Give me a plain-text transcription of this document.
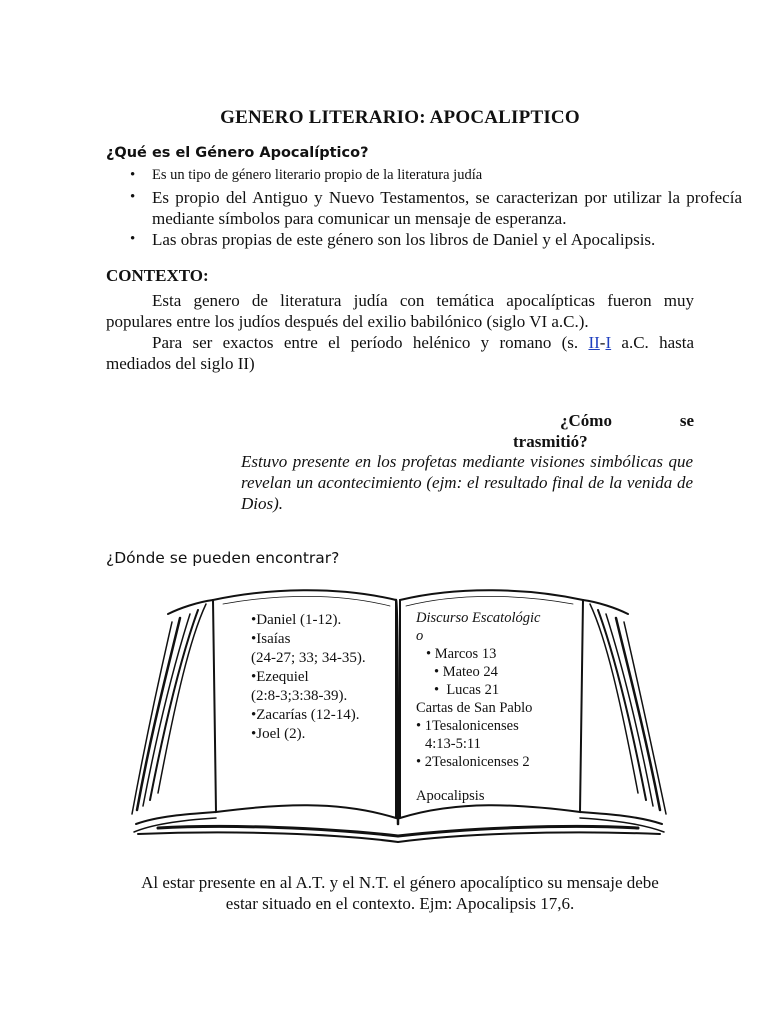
GENERO LITERARIO: APOCALIPTICO
¿Qué es el Género Apocalíptico?
• Es un tipo de género literario propio de la literatura judía
• Es propio del Antiguo y Nuevo Testamentos, se caracterizan por utilizar la profecía mediante símbolos para comunicar un mensaje de esperanza.
• Las obras propias de este género son los libros de Daniel y el Apocalipsis.
CONTEXTO:
Esta genero de literatura judía con temática apocalípticas fueron muy
populares entre los judíos después del exilio babilónico (siglo VI a.C.).
Para ser exactos entre el período helénico y romano (s. II-I a.C. hasta
mediados del siglo II)
¿Cómo se
trasmitió?
Estuvo presente en los profetas mediante visiones simbólicas que revelan un acontecimiento (ejm: el resultado final de la venida de Dios).
¿Dónde se pueden encontrar?
•Daniel (1-12).
•Isaías
(24-27; 33; 34-35).
•Ezequiel
(2:8-3;3:38-39).
•Zacarías (12-14).
•Joel (2).
Discurso Escatológic
o
• Marcos 13
• Mateo 24
•  Lucas 21
Cartas de San Pablo
• 1Tesalonicenses
4:13-5:11
• 2Tesalonicenses 2
Apocalipsis
Al estar presente en al A.T. y el N.T. el género apocalíptico su mensaje debe
estar situado en el contexto. Ejm: Apocalipsis 17,6.
